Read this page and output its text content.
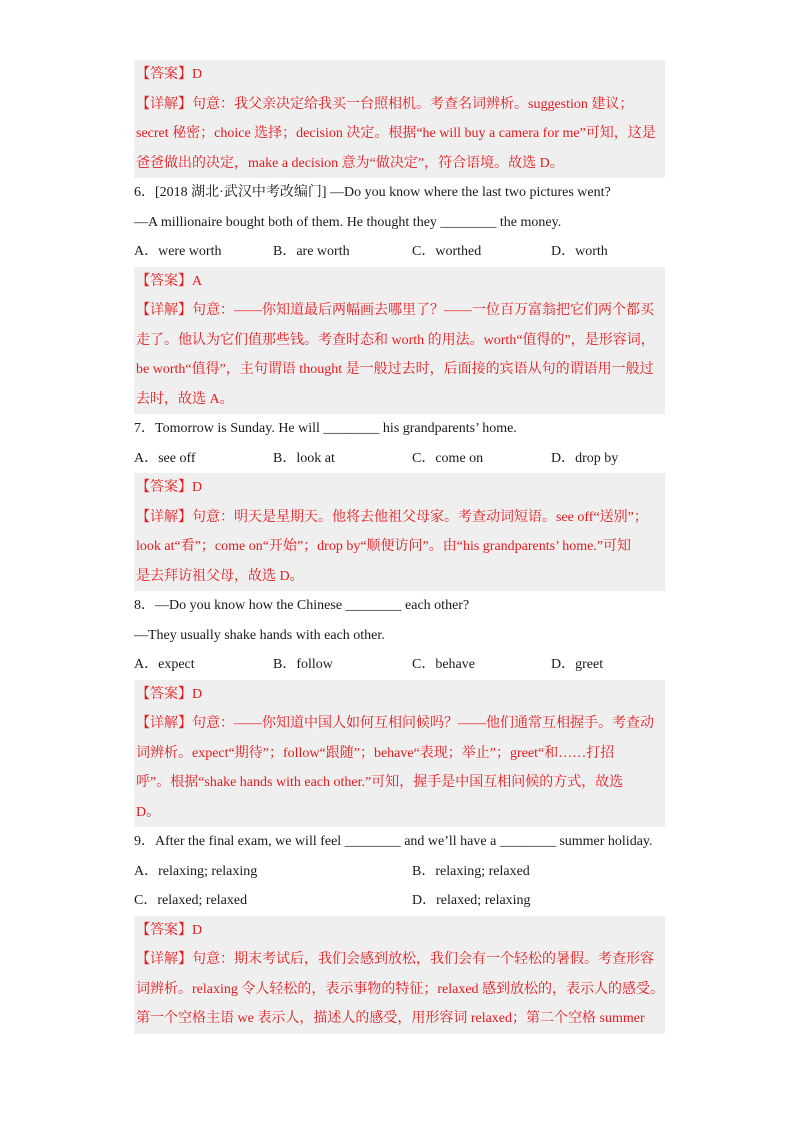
【答案】D
【详解】句意：我父亲决定给我买一台照相机。考查名词辨析。suggestion 建议；
secret 秘密；choice 选择；decision 决定。根据“he will buy a camera for me”可知，这是
爸爸做出的决定，make a decision 意为“做决定”，符合语境。故选 D。
6．[2018 湖北·武汉中考改编门] —Do you know where the last two pictures went?
—A millionaire bought both of them. He thought they ________ the money.
A．were worth	B．are worth	C．worthed	D．worth
【答案】A
【详解】句意：——你知道最后两幅画去哪里了？——一位百万富翁把它们两个都买
走了。他认为它们值那些钱。考查时态和 worth 的用法。worth“值得的”，是形容词，
be worth“值得”，主句谓语 thought 是一般过去时，后面接的宾语从句的谓语用一般过
去时，故选 A。
7．Tomorrow is Sunday. He will ________ his grandparents’ home.
A．see off	B．look at	C．come on	D．drop by
【答案】D
【详解】句意：明天是星期天。他将去他祖父母家。考查动词短语。see off“送别”；
look at“看”；come on“开始”；drop by“顺便访问”。由“his grandparents’ home.”可知
是去拜访祖父母，故选 D。
8．—Do you know how the Chinese ________ each other?
—They usually shake hands with each other.
A．expect	B．follow	C．behave	D．greet
【答案】D
【详解】句意：——你知道中国人如何互相问候吗？——他们通常互相握手。考查动
词辨析。expect“期待”；follow“跟随”；behave“表现；举止”；greet“和……打招
呼”。根据“shake hands with each other.”可知，握手是中国互相问候的方式，故选
D。
9．After the final exam, we will feel ________ and we’ll have a ________ summer holiday.
A．relaxing; relaxing	B．relaxing; relaxed
C．relaxed; relaxed	D．relaxed; relaxing
【答案】D
【详解】句意：期末考试后，我们会感到放松，我们会有一个轻松的暑假。考查形容
词辨析。relaxing 令人轻松的，表示事物的特征；relaxed 感到放松的，表示人的感受。
第一个空格主语 we 表示人，描述人的感受，用形容词 relaxed；第二个空格 summer
